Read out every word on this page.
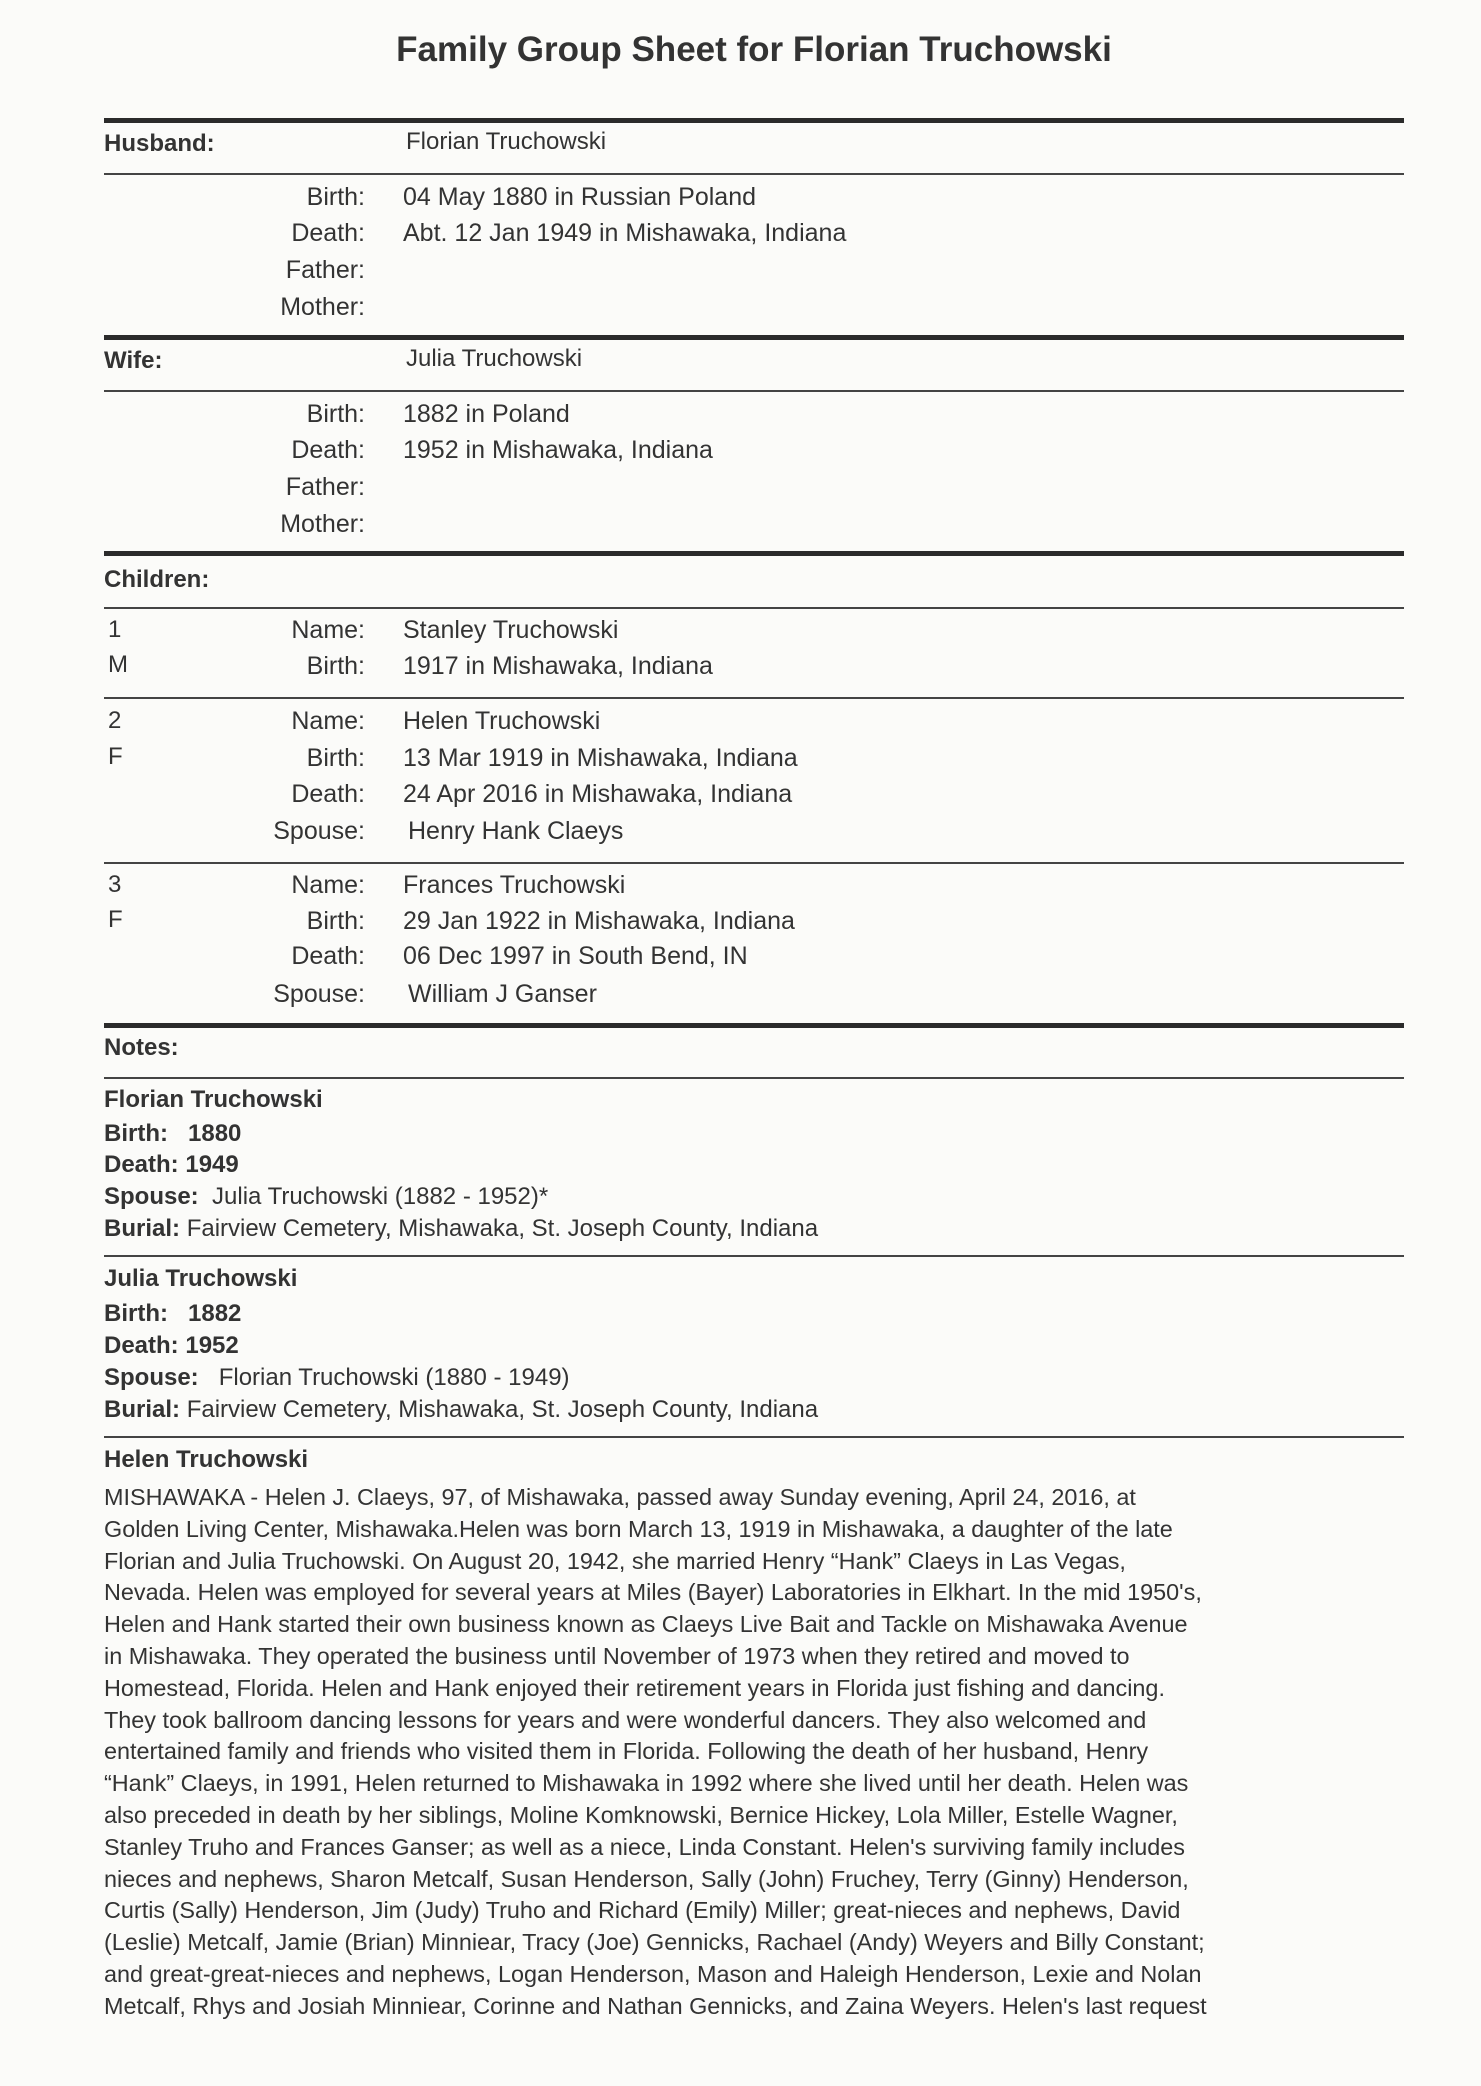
Family Group Sheet for Florian Truchowski
Husband:	Florian Truchowski
Birth: 04 May 1880 in Russian Poland
Death: Abt. 12 Jan 1949 in Mishawaka, Indiana
Father:
Mother:
Wife:	Julia Truchowski
Birth: 1882 in Poland
Death: 1952 in Mishawaka, Indiana
Father:
Mother:
Children:
1
M
Name: Stanley Truchowski
Birth: 1917 in Mishawaka, Indiana
2
F
Name: Helen Truchowski
Birth: 13 Mar 1919 in Mishawaka, Indiana
Death: 24 Apr 2016 in Mishawaka, Indiana
Spouse: Henry Hank Claeys
3
F
Name: Frances Truchowski
Birth: 29 Jan 1922 in Mishawaka, Indiana
Death: 06 Dec 1997 in South Bend, IN
Spouse: William J Ganser
Notes:
Florian Truchowski
Birth: 1880
Death: 1949
Spouse: Julia Truchowski (1882 - 1952)*
Burial: Fairview Cemetery, Mishawaka, St. Joseph County, Indiana
Julia Truchowski
Birth: 1882
Death: 1952
Spouse: Florian Truchowski (1880 - 1949)
Burial: Fairview Cemetery, Mishawaka, St. Joseph County, Indiana
Helen Truchowski
MISHAWAKA - Helen J. Claeys, 97, of Mishawaka, passed away Sunday evening, April 24, 2016, at
Golden Living Center, Mishawaka.Helen was born March 13, 1919 in Mishawaka, a daughter of the late
Florian and Julia Truchowski. On August 20, 1942, she married Henry “Hank” Claeys in Las Vegas,
Nevada. Helen was employed for several years at Miles (Bayer) Laboratories in Elkhart. In the mid 1950's,
Helen and Hank started their own business known as Claeys Live Bait and Tackle on Mishawaka Avenue
in Mishawaka. They operated the business until November of 1973 when they retired and moved to
Homestead, Florida. Helen and Hank enjoyed their retirement years in Florida just fishing and dancing.
They took ballroom dancing lessons for years and were wonderful dancers. They also welcomed and
entertained family and friends who visited them in Florida. Following the death of her husband, Henry
“Hank” Claeys, in 1991, Helen returned to Mishawaka in 1992 where she lived until her death. Helen was
also preceded in death by her siblings, Moline Komknowski, Bernice Hickey, Lola Miller, Estelle Wagner,
Stanley Truho and Frances Ganser; as well as a niece, Linda Constant. Helen's surviving family includes
nieces and nephews, Sharon Metcalf, Susan Henderson, Sally (John) Fruchey, Terry (Ginny) Henderson,
Curtis (Sally) Henderson, Jim (Judy) Truho and Richard (Emily) Miller; great-nieces and nephews, David
(Leslie) Metcalf, Jamie (Brian) Minniear, Tracy (Joe) Gennicks, Rachael (Andy) Weyers and Billy Constant;
and great-great-nieces and nephews, Logan Henderson, Mason and Haleigh Henderson, Lexie and Nolan
Metcalf, Rhys and Josiah Minniear, Corinne and Nathan Gennicks, and Zaina Weyers. Helen's last request
